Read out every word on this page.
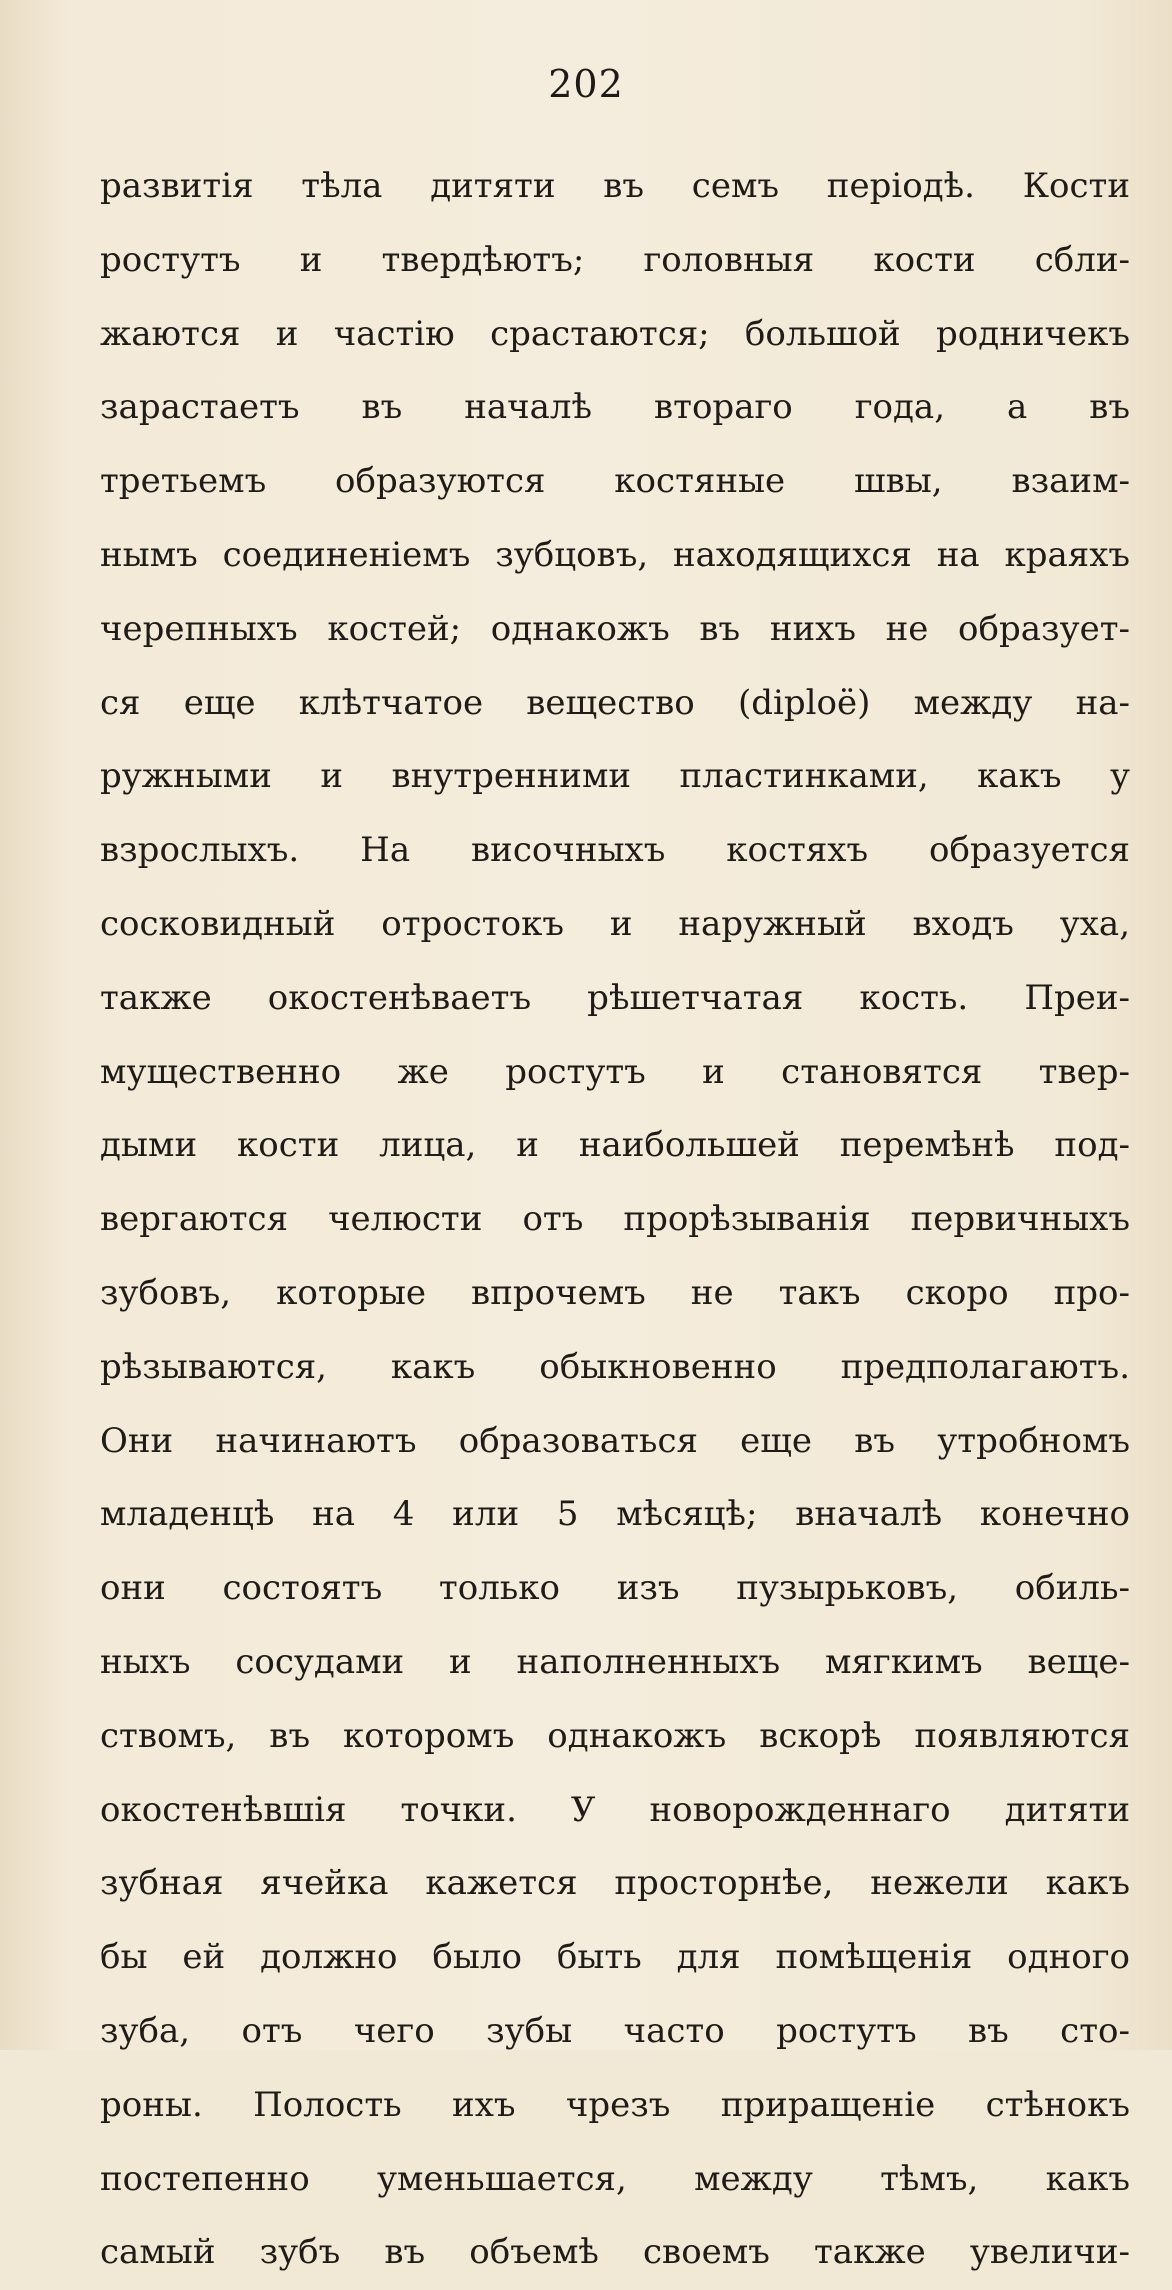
202
развитія тѣла дитяти въ семъ періодѣ. Кости
ростутъ и твердѣютъ; головныя кости сбли-
жаются и частію срастаются; большой родничекъ
зарастаетъ въ началѣ втораго года, а въ
третьемъ образуются костяные швы, взаим-
нымъ соединеніемъ зубцовъ, находящихся на краяхъ
черепныхъ костей; однакожъ въ нихъ не образует-
ся еще клѣтчатое вещество (diploë) между на-
ружными и внутренними пластинками, какъ у
взрослыхъ. На височныхъ костяхъ образуется
сосковидный отростокъ и наружный входъ уха,
также окостенѣваетъ рѣшетчатая кость. Преи-
мущественно же ростутъ и становятся твер-
дыми кости лица, и наибольшей перемѣнѣ под-
вергаются челюсти отъ прорѣзыванія первичныхъ
зубовъ, которые впрочемъ не такъ скоро про-
рѣзываются, какъ обыкновенно предполагаютъ.
Они начинаютъ образоваться еще въ утробномъ
младенцѣ на 4 или 5 мѣсяцѣ; вначалѣ конечно
они состоятъ только изъ пузырьковъ, обиль-
ныхъ сосудами и наполненныхъ мягкимъ веще-
ствомъ, въ которомъ однакожъ вскорѣ появляются
окостенѣвшія точки. У новорожденнаго дитяти
зубная ячейка кажется просторнѣе, нежели какъ
бы ей должно было быть для помѣщенія одного
зуба, отъ чего зубы часто ростутъ въ сто-
роны. Полость ихъ чрезъ приращеніе стѣнокъ
постепенно уменьшается, между тѣмъ, какъ
самый зубъ въ объемѣ своемъ также увеличи-
